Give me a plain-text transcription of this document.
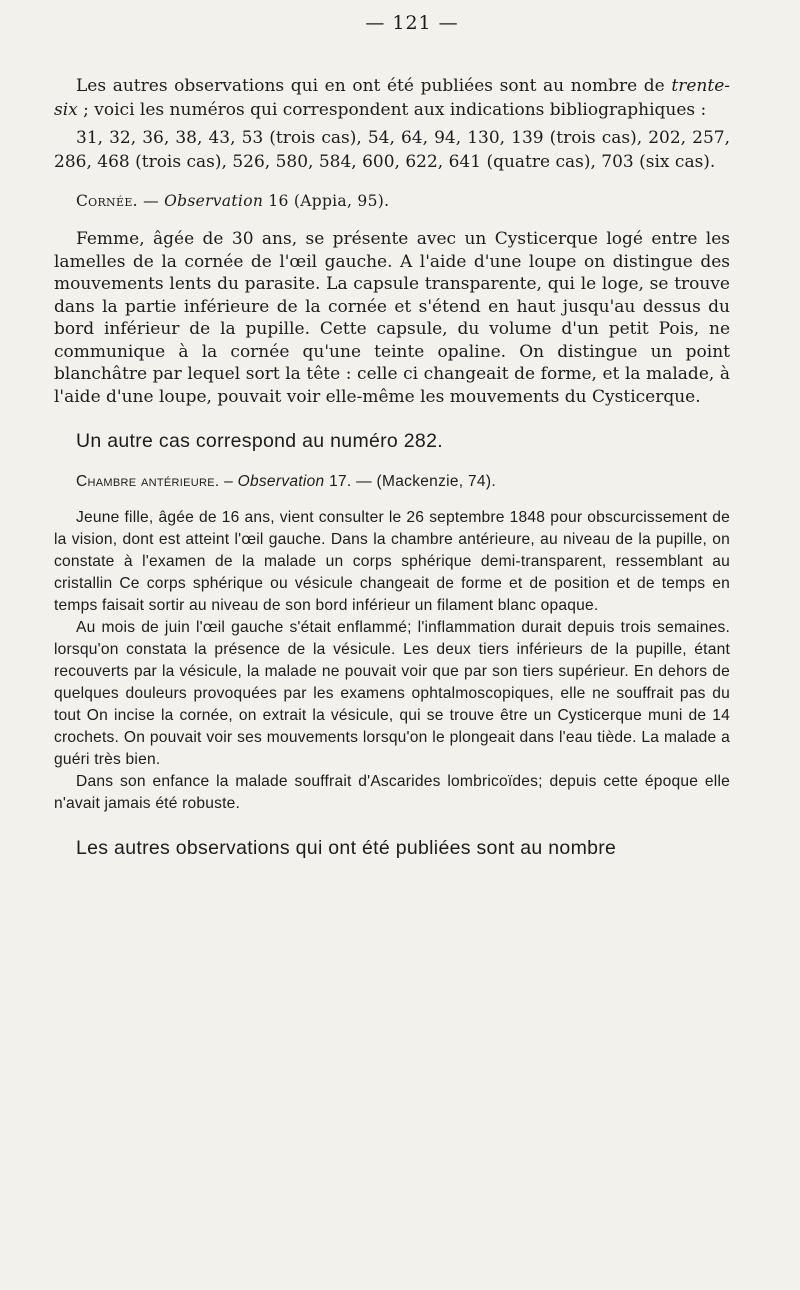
— 121 —

Les autres observations qui en ont été publiées sont au nombre de trente-six ; voici les numéros qui correspondent aux indications bibliographiques :

31, 32, 36, 38, 43, 53 (trois cas), 54, 64, 94, 130, 139 (trois cas), 202, 257, 286, 468 (trois cas), 526, 580, 584, 600, 622, 641 (quatre cas), 703 (six cas).

Cornée. — Observation 16 (Appia, 95).

Femme, âgée de 30 ans, se présente avec un Cysticerque logé entre les lamelles de la cornée de l'œil gauche. A l'aide d'une loupe on distingue des mouvements lents du parasite. La capsule transparente, qui le loge, se trouve dans la partie inférieure de la cornée et s'étend en haut jusqu'au dessus du bord inférieur de la pupille. Cette capsule, du volume d'un petit Pois, ne communique à la cornée qu'une teinte opaline. On distingue un point blanchâtre par lequel sort la tête : celle ci changeait de forme, et la malade, à l'aide d'une loupe, pouvait voir elle-même les mouvements du Cysticerque.

Un autre cas correspond au numéro 282.
Chambre antérieure. – Observation 17. — (Mackenzie, 74).

Jeune fille, âgée de 16 ans, vient consulter le 26 septembre 1848 pour obscurcissement de la vision, dont est atteint l'œil gauche. Dans la chambre antérieure, au niveau de la pupille, on constate à l'examen de la malade un corps sphérique demi-transparent, ressemblant au cristallin Ce corps sphérique ou vésicule changeait de forme et de position et de temps en temps faisait sortir au niveau de son bord inférieur un filament blanc opaque.

Au mois de juin l'œil gauche s'était enflammé; l'inflammation durait depuis trois semaines. lorsqu'on constata la présence de la vésicule. Les deux tiers inférieurs de la pupille, étant recouverts par la vésicule, la malade ne pouvait voir que par son tiers supérieur. En dehors de quelques douleurs provoquées par les examens ophtalmoscopiques, elle ne souffrait pas du tout On incise la cornée, on extrait la vésicule, qui se trouve être un Cysticerque muni de 14 crochets. On pouvait voir ses mouvements lorsqu'on le plongeait dans l'eau tiède. La malade a guéri très bien.

Dans son enfance la malade souffrait d'Ascarides lombricoïdes; depuis cette époque elle n'avait jamais été robuste.

Les autres observations qui ont été publiées sont au nombre
